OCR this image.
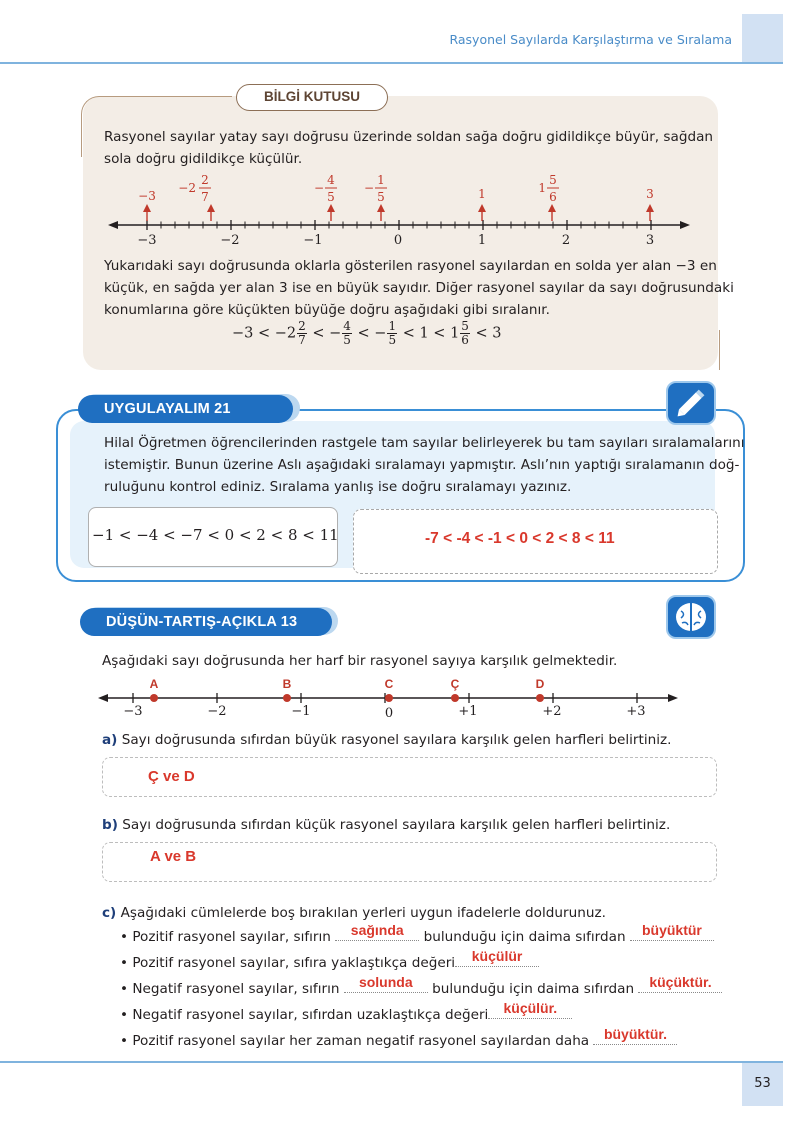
Rasyonel Sayılarda Karşılaştırma ve Sıralama
BİLGİ KUTUSU
Rasyonel sayılar yatay sayı doğrusu üzerinde soldan sağa doğru gidildikçe büyür, sağdan
sola doğru gidildikçe küçülür.
−3	−2	−1	0	1	2	3
−3
−2
2
7
−
4
5
−
1
5	1	1
5
6	3
Yukarıdaki sayı doğrusunda oklarla gösterilen rasyonel sayılardan en solda yer alan −3 en
küçük, en sağda yer alan 3 ise en büyük sayıdır. Diğer rasyonel sayılar da sayı doğrusundaki
konumlarına göre küçükten büyüğe doğru aşağıdaki gibi sıralanır.
$-3 < -2 \frac{2}{7}$ < − $\frac{4}{5}$ < − $\frac{1}{5} < 1 < 1 \frac{5}{6} < 3$
UYGULAYALIM 21
Hilal Öğretmen öğrencilerinden rastgele tam sayılar belirleyerek bu tam sayıları sıralamalarını
istemiştir. Bunun üzerine Aslı aşağıdaki sıralamayı yapmıştır. Aslı’nın yaptığı sıralamanın doğ-
ruluğunu kontrol ediniz. Sıralama yanlış ise doğru sıralamayı yazınız.
−1 < −4 < −7 < 0 < 2 < 8 < 11	-7 < -4 < -1 < 0 < 2 < 8 < 11
DÜŞÜN-TARTIŞ-AÇIKLA 13
Aşağıdaki sayı doğrusunda her harf bir rasyonel sayıya karşılık gelmektedir.
−3	−2	−1	0	+1	+2	+3
A	B	C	Ç	D
a) Sayı doğrusunda sıfırdan büyük rasyonel sayılara karşılık gelen harfleri belirtiniz.
Ç ve D
b) Sayı doğrusunda sıfırdan küçük rasyonel sayılara karşılık gelen harfleri belirtiniz.
A ve B
c) Aşağıdaki cümlelerde boş bırakılan yerleri uygun ifadelerle doldurunuz.
• Pozitif rasyonel sayılar, sıfırın	sağında	bulunduğu için daima sıfırdan	büyüktür
• Pozitif rasyonel sayılar, sıfıra yaklaştıkça değeri	küçülür
• Negatif rasyonel sayılar, sıfırın	solunda	bulunduğu için daima sıfırdan	küçüktür.
• Negatif rasyonel sayılar, sıfırdan uzaklaştıkça değeri	küçülür.
• Pozitif rasyonel sayılar her zaman negatif rasyonel sayılardan daha	büyüktür.
53
